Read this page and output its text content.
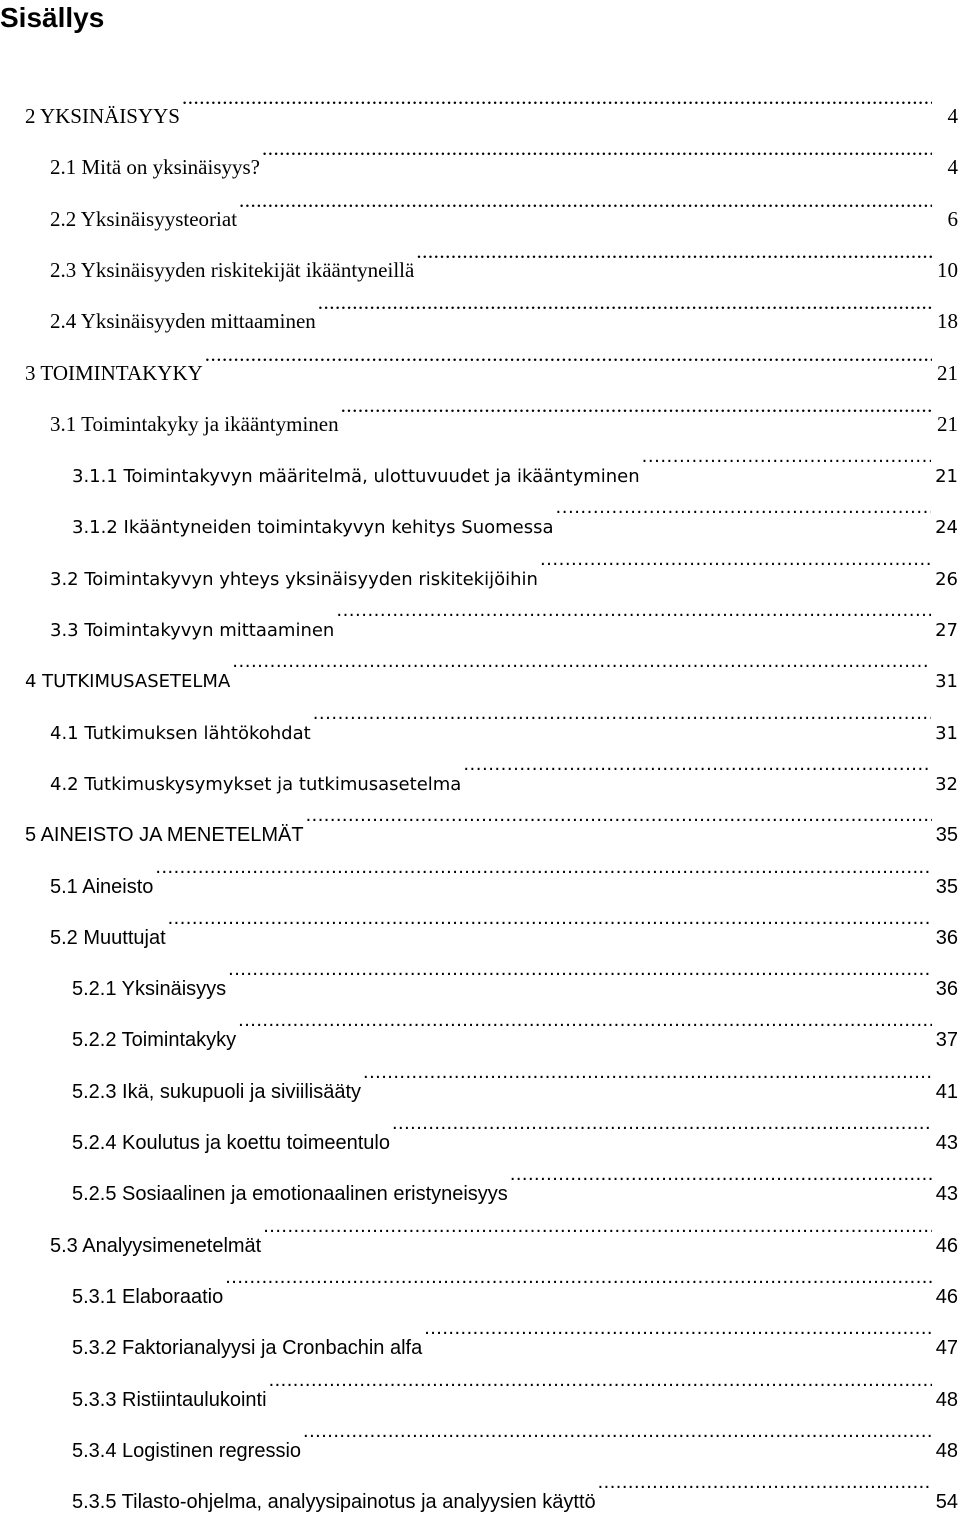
Sisällys
2 YKSINÄISYYS .....	4
2.1 Mitä on yksinäisyys? .....	4
2.2 Yksinäisyysteoriat .....	6
2.3 Yksinäisyyden riskitekijät ikääntyneillä .....	10
2.4 Yksinäisyyden mittaaminen .....	18
3 TOIMINTAKYKY .....	21
3.1 Toimintakyky ja ikääntyminen .....	21
3.1.1 Toimintakyvyn määritelmä, ulottuvuudet ja ikääntyminen .....	21
3.1.2 Ikääntyneiden toimintakyvyn kehitys Suomessa .....	24
3.2 Toimintakyvyn yhteys yksinäisyyden riskitekijöihin .....	26
3.3 Toimintakyvyn mittaaminen .....	27
4 TUTKIMUSASETELMA .....	31
4.1 Tutkimuksen lähtökohdat .....	31
4.2 Tutkimuskysymykset ja tutkimusasetelma .....	32
5 AINEISTO JA MENETELMÄT .....	35
5.1 Aineisto .....	35
5.2 Muuttujat .....	36
5.2.1 Yksinäisyys .....	36
5.2.2 Toimintakyky .....	37
5.2.3 Ikä, sukupuoli ja siviilisääty .....	41
5.2.4 Koulutus ja koettu toimeentulo .....	43
5.2.5 Sosiaalinen ja emotionaalinen eristyneisyys .....	43
5.3 Analyysimenetelmät .....	46
5.3.1 Elaboraatio .....	46
5.3.2 Faktorianalyysi ja Cronbachin alfa .....	47
5.3.3 Ristiintaulukointi .....	48
5.3.4 Logistinen regressio .....	48
5.3.5 Tilasto-ohjelma, analyysipainotus ja analyysien käyttö .....	54
